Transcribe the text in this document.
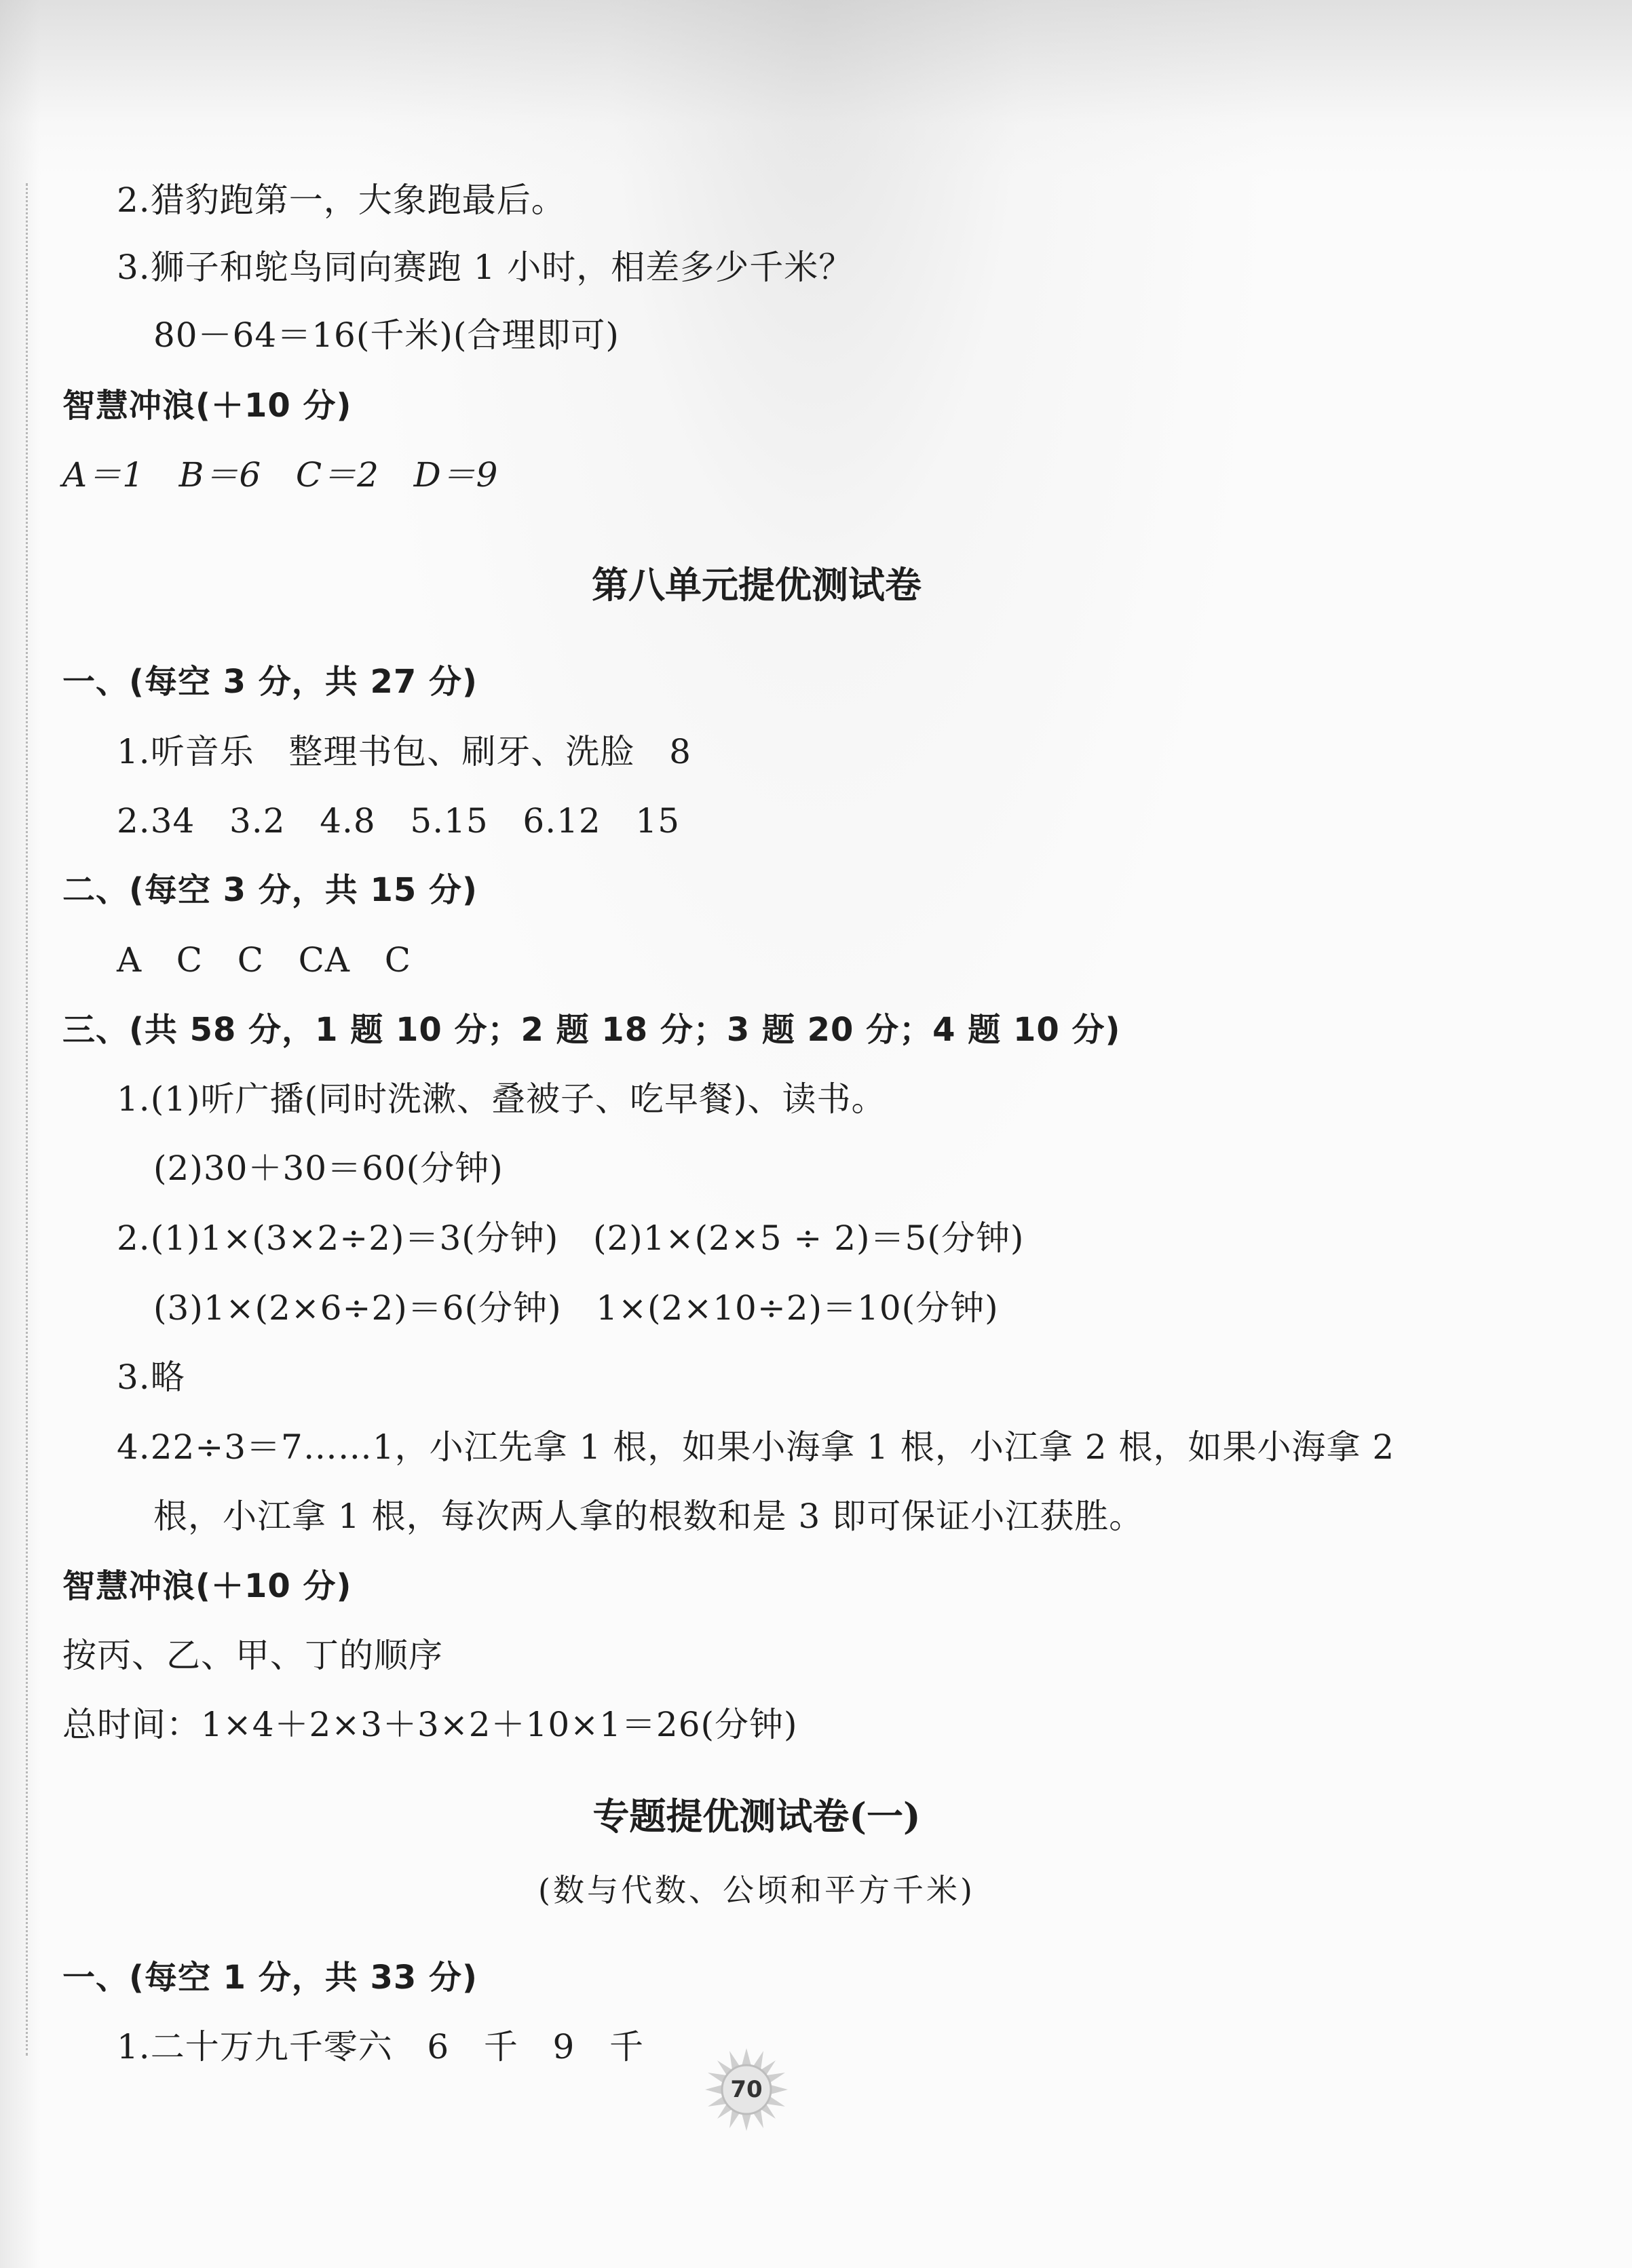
2.猎豹跑第一，大象跑最后。
3.狮子和鸵鸟同向赛跑 1 小时，相差多少千米？
80－64＝16(千米)(合理即可)
智慧冲浪(＋10 分)
A＝1   B＝6   C＝2   D＝9
第八单元提优测试卷
一、(每空 3 分，共 27 分)
1.听音乐   整理书包、刷牙、洗脸   8
2.34   3.2   4.8   5.15   6.12   15
二、(每空 3 分，共 15 分)
A   C   C   CA   C
三、(共 58 分，1 题 10 分；2 题 18 分；3 题 20 分；4 题 10 分)
1.(1)听广播(同时洗漱、叠被子、吃早餐)、读书。
(2)30＋30＝60(分钟)
2.(1)1×(3×2÷2)＝3(分钟)   (2)1×(2×5 ÷ 2)＝5(分钟)
(3)1×(2×6÷2)＝6(分钟)   1×(2×10÷2)＝10(分钟)
3.略
4.22÷3＝7……1，小江先拿 1 根，如果小海拿 1 根，小江拿 2 根，如果小海拿 2
根，小江拿 1 根，每次两人拿的根数和是 3 即可保证小江获胜。
智慧冲浪(＋10 分)
按丙、乙、甲、丁的顺序
总时间：1×4＋2×3＋3×2＋10×1＝26(分钟)
专题提优测试卷(一)
(数与代数、公顷和平方千米)
一、(每空 1 分，共 33 分)
1.二十万九千零六   6   千   9   千
70
